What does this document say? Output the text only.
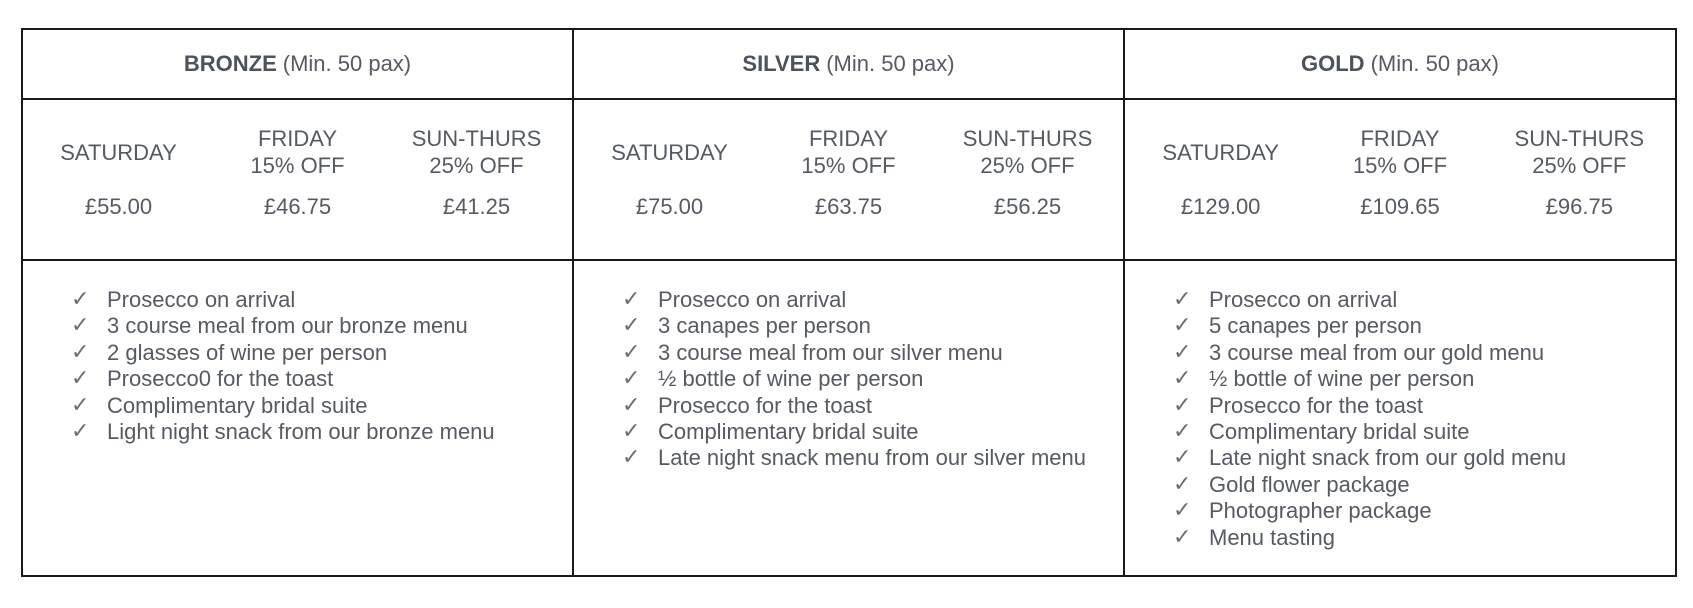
BRONZE (Min. 50 pax)	SILVER (Min. 50 pax)	GOLD (Min. 50 pax)
SATURDAY
£55.00
FRIDAY
15% OFF
£46.75
SUN-THURS
25% OFF
£41.25
SATURDAY
£75.00
FRIDAY
15% OFF
£63.75
SUN-THURS
25% OFF
£56.25
SATURDAY
£129.00
FRIDAY
15% OFF
£109.65
SUN-THURS
25% OFF
£96.75
✓ Prosecco on arrival
✓ 3 course meal from our bronze menu
✓ 2 glasses of wine per person
✓ Prosecco0 for the toast
✓ Complimentary bridal suite
✓ Light night snack from our bronze menu
✓ Prosecco on arrival
✓ 3 canapes per person
✓ 3 course meal from our silver menu
✓ ½ bottle of wine per person
✓ Prosecco for the toast
✓ Complimentary bridal suite
✓ Late night snack menu from our silver menu
✓ Prosecco on arrival
✓ 5 canapes per person
✓ 3 course meal from our gold menu
✓ ½ bottle of wine per person
✓ Prosecco for the toast
✓ Complimentary bridal suite
✓ Late night snack from our gold menu
✓ Gold flower package
✓ Photographer package
✓ Menu tasting
